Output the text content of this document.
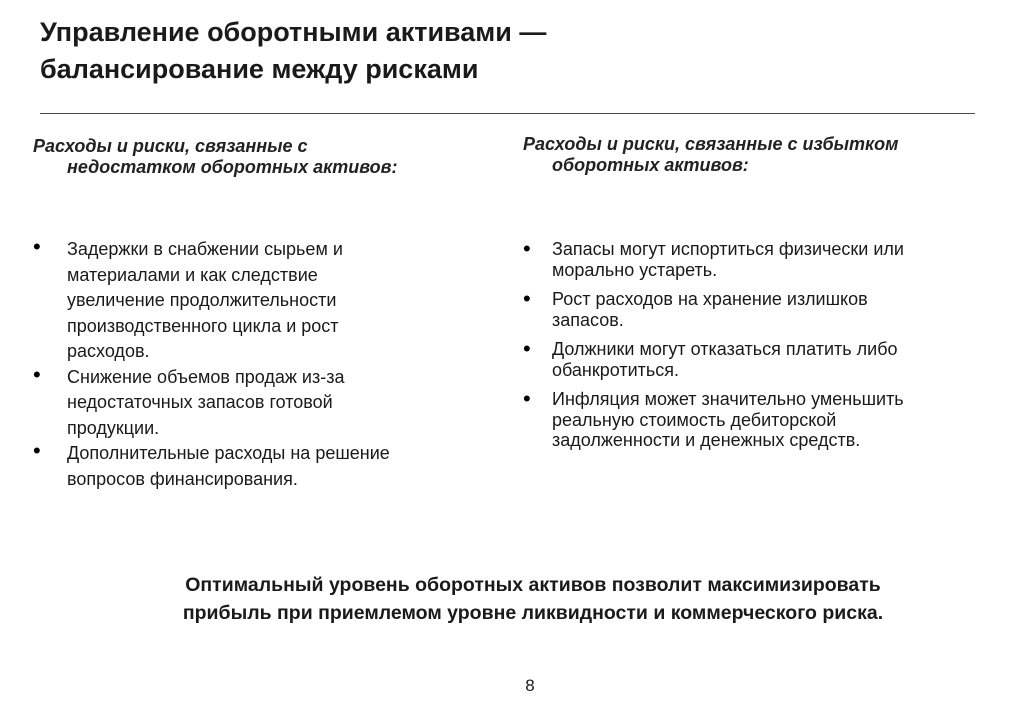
Управление оборотными активами —
балансирование между рисками
Расходы и риски, связанные с
недостатком оборотных активов:
• Задержки в снабжении сырьем и
материалами и как следствие
увеличение продолжительности
производственного цикла и рост
расходов.
• Снижение объемов продаж из-за
недостаточных запасов готовой
продукции.
• Дополнительные расходы на решение
вопросов финансирования.
Расходы и риски, связанные с избытком
оборотных активов:
• Запасы могут испортиться физически или
морально устареть.
• Рост расходов на хранение излишков
запасов.
• Должники могут отказаться платить либо
обанкротиться.
• Инфляция может значительно уменьшить
реальную стоимость дебиторской
задолженности и денежных средств.

Оптимальный уровень оборотных активов позволит максимизировать
прибыль при приемлемом уровне ликвидности и коммерческого риска.

8
